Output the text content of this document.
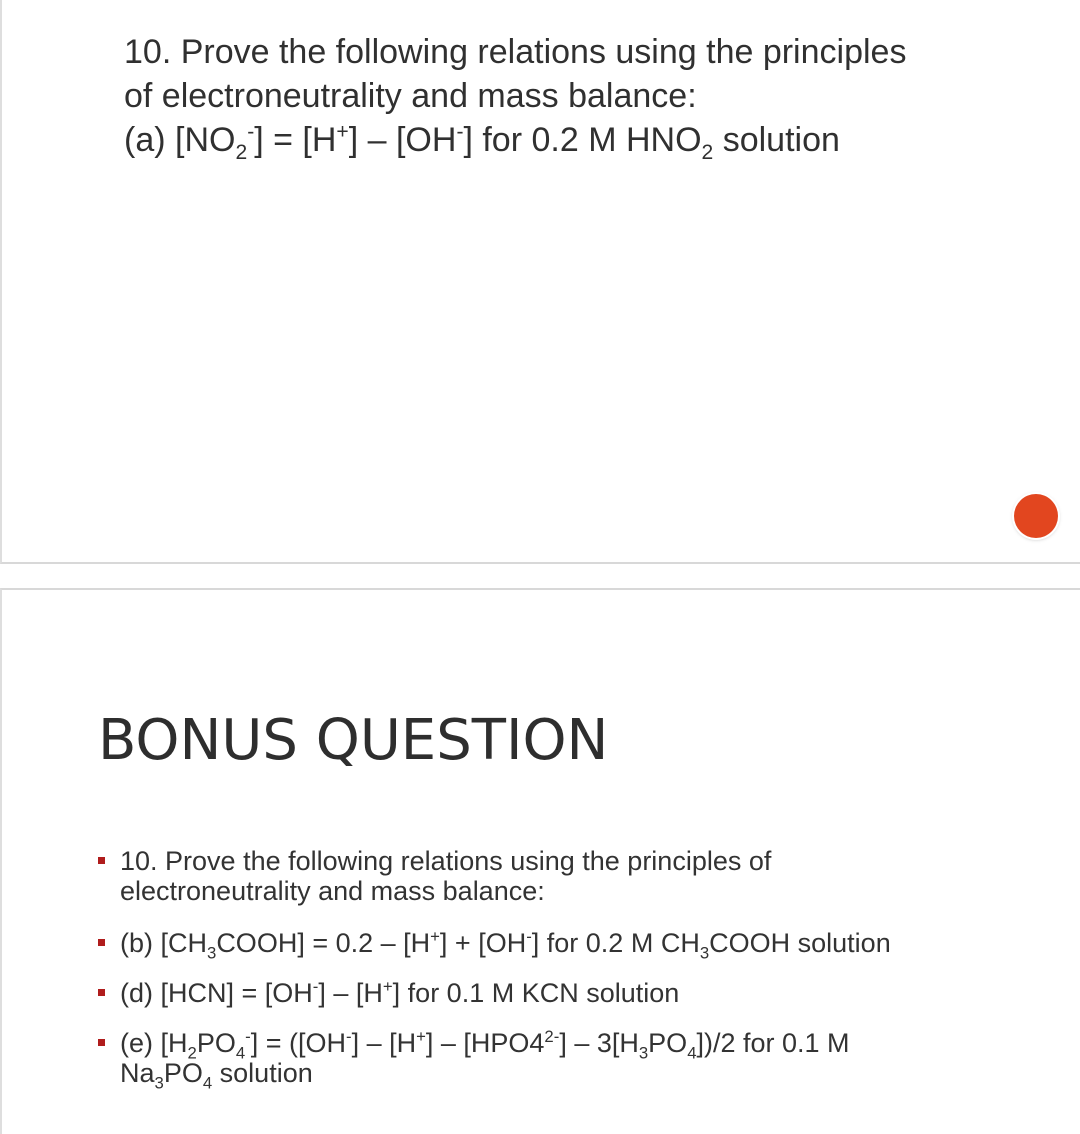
10. Prove the following relations using the principles
of electroneutrality and mass balance:
(a) $[NO_2^-] = [H^+] - [OH^-]$ for 0.2 M $HNO_2$ solution
BONUS QUESTION
10. Prove the following relations using the principles of
electroneutrality and mass balance:
(b) $[CH_3COOH] = 0.2 - [H^+] + [OH^-]$ for 0.2 M $CH_3COOH$ solution
(d) [HCN] = [OH-] – [H+] for 0.1 M KCN solution
(e) $[H_2PO_4^-] = ([OH^-] - [H^+] - [HPO4^{2-}] - 3[H_3PO_4])/2$ for 0.1 M
$Na_3PO_4$ solution
